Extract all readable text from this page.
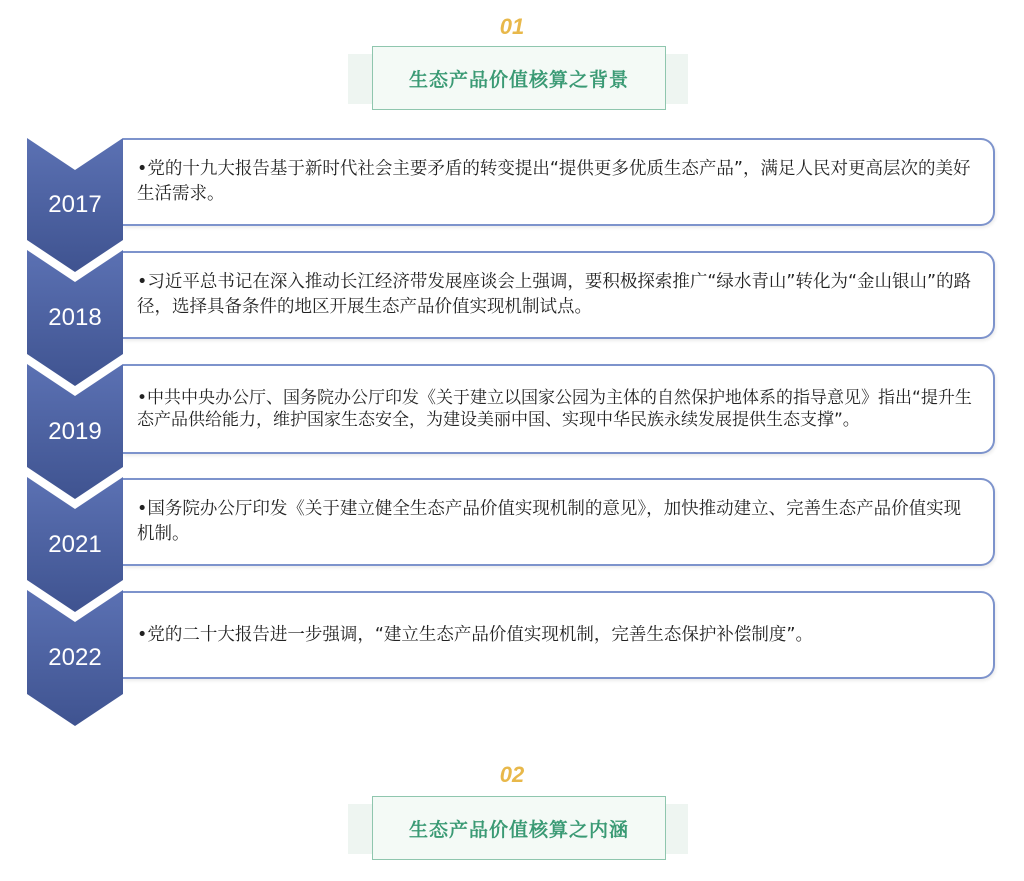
01
生态产品价值核算之背景
2017
2018
2019
2021
2022
•党的十九大报告基于新时代社会主要矛盾的转变提出“提供更多优质生态产品”，满足人民对更高层次的美好生活需求。
•习近平总书记在深入推动长江经济带发展座谈会上强调，要积极探索推广“绿水青山”转化为“金山银山”的路径，选择具备条件的地区开展生态产品价值实现机制试点。
•中共中央办公厅、国务院办公厅印发《关于建立以国家公园为主体的自然保护地体系的指导意见》指出“提升生态产品供给能力，维护国家生态安全，为建设美丽中国、实现中华民族永续发展提供生态支撑”。
•国务院办公厅印发《关于建立健全生态产品价值实现机制的意见》，加快推动建立、完善生态产品价值实现机制。
•党的二十大报告进一步强调，“建立生态产品价值实现机制，完善生态保护补偿制度”。
02
生态产品价值核算之内涵
